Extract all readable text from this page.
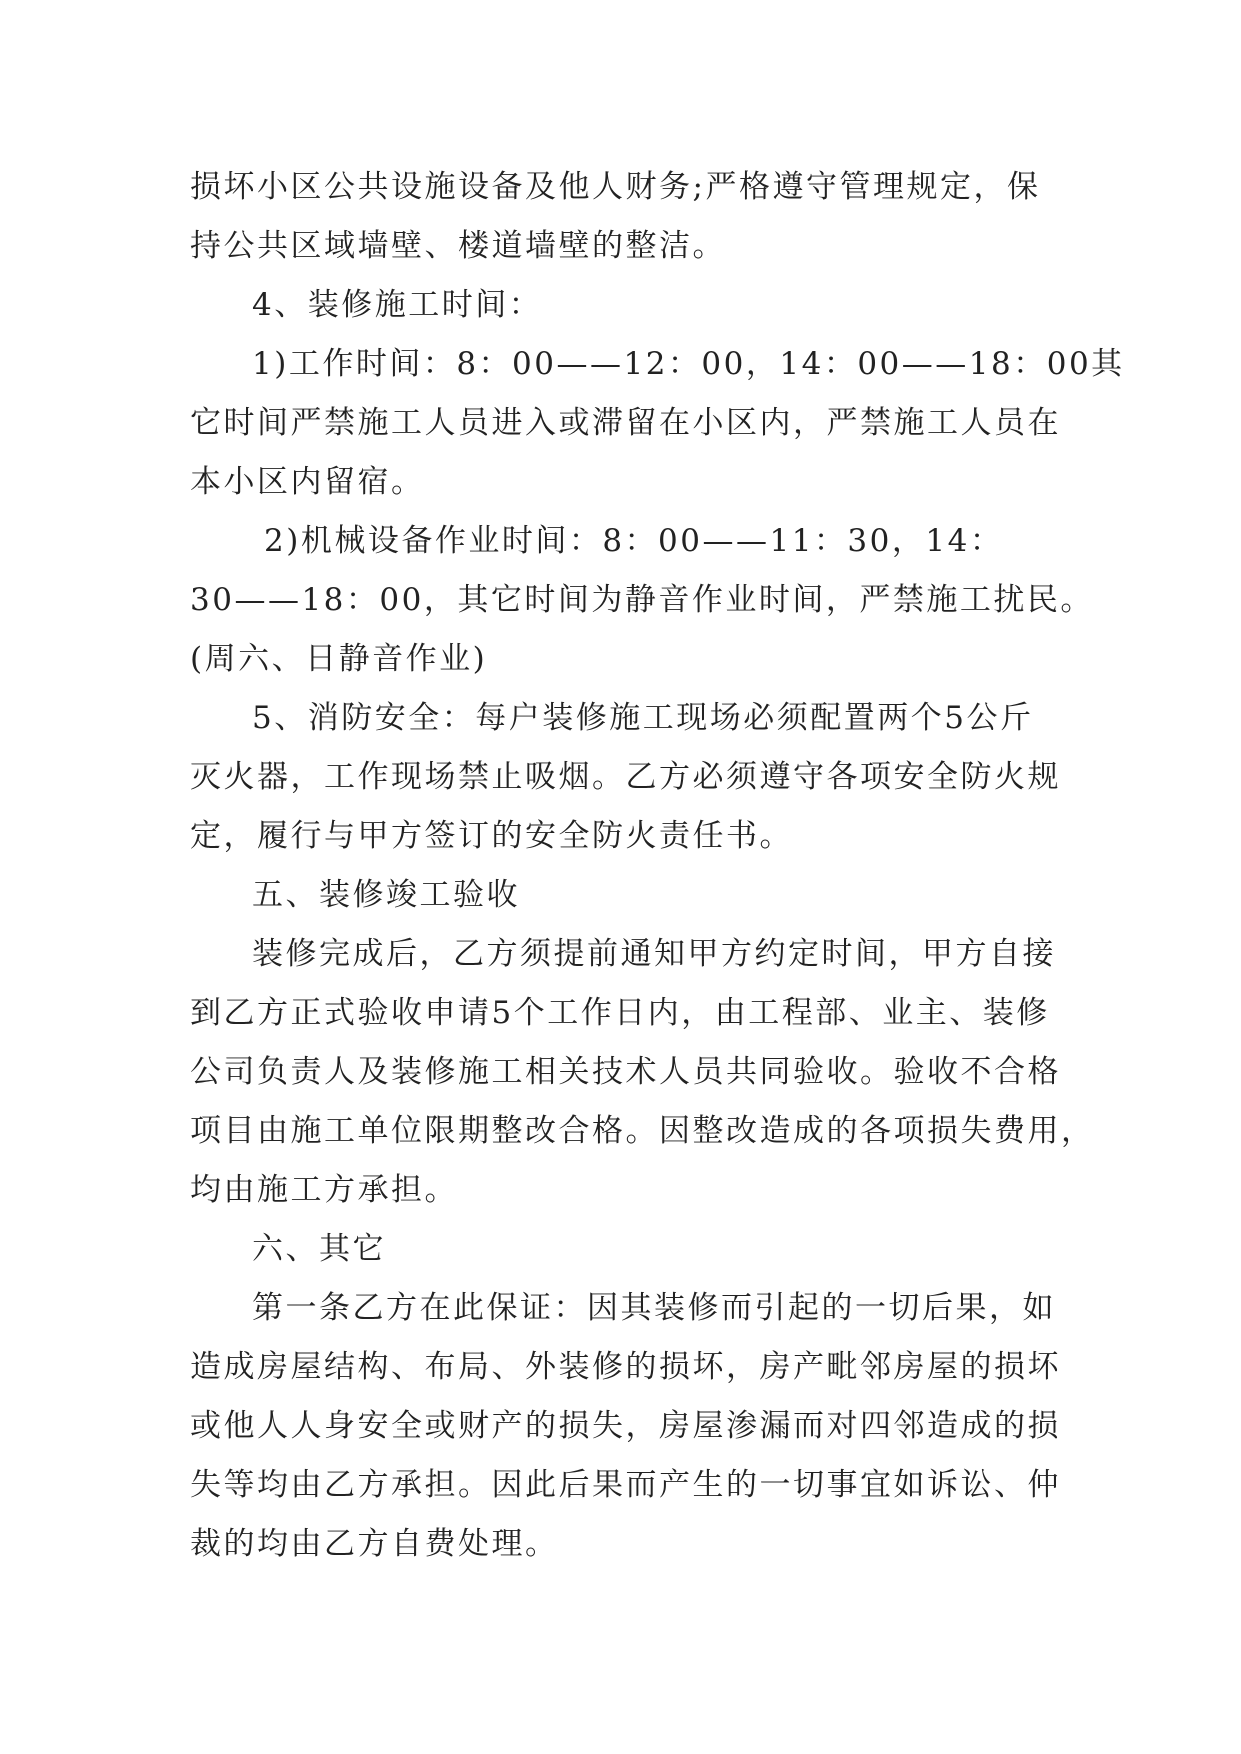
损坏小区公共设施设备及他人财务;严格遵守管理规定，保
持公共区域墙壁、楼道墙壁的整洁。
4、装修施工时间：
1)工作时间：8：00——12：00，14：00——18：00其
它时间严禁施工人员进入或滞留在小区内，严禁施工人员在
本小区内留宿。
2)机械设备作业时间：8：00——11：30，14：
30——18：00，其它时间为静音作业时间，严禁施工扰民。
(周六、日静音作业)
5、消防安全：每户装修施工现场必须配置两个5公斤
灭火器，工作现场禁止吸烟。乙方必须遵守各项安全防火规
定，履行与甲方签订的安全防火责任书。
五、装修竣工验收
装修完成后，乙方须提前通知甲方约定时间，甲方自接
到乙方正式验收申请5个工作日内，由工程部、业主、装修
公司负责人及装修施工相关技术人员共同验收。验收不合格
项目由施工单位限期整改合格。因整改造成的各项损失费用，
均由施工方承担。
六、其它
第一条乙方在此保证：因其装修而引起的一切后果，如
造成房屋结构、布局、外装修的损坏，房产毗邻房屋的损坏
或他人人身安全或财产的损失，房屋渗漏而对四邻造成的损
失等均由乙方承担。因此后果而产生的一切事宜如诉讼、仲
裁的均由乙方自费处理。
